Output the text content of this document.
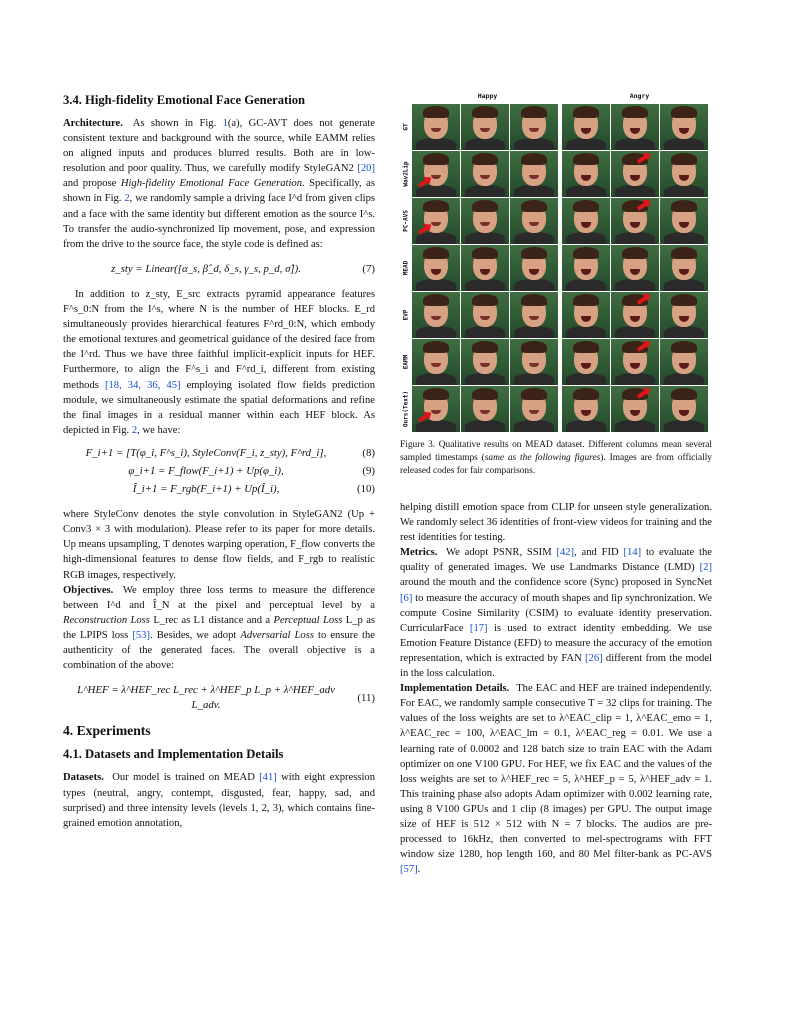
3.4. High-fidelity Emotional Face Generation

Architecture. As shown in Fig. 1(a), GC-AVT does not generate consistent texture and background with the source, while EAMM relies on aligned inputs and produces blurred results. Both are in low-resolution and poor quality. Thus, we carefully modify StyleGAN2 [20] and propose High-fidelity Emotional Face Generation. Specifically, as shown in Fig. 2, we randomly sample a driving face I^d from given clips and a face with the same identity but different emotion as the source I^s. To transfer the audio-synchronized lip movement, pose, and expression from the drive to the source face, the style code is defined as:

z_sty = Linear([α_s, β̂_d, δ_s, γ_s, p_d, σ̂]).	(7)

In addition to z_sty, E_src extracts pyramid appearance features F^s_0:N from the I^s, where N is the number of HEF blocks. E_rd simultaneously provides hierarchical features F^rd_0:N, which embody the emotional textures and geometrical guidance of the desired face from the I^rd. Thus we have three faithful implicit-explicit inputs for HEF. Furthermore, to align the F^s_i and F^rd_i, different from existing methods [18, 34, 36, 45] employing isolated flow fields prediction module, we simultaneously estimate the spatial deformations and refine the final images in a residual manner within each HEF block. As depicted in Fig. 2, we have:

F_i+1 = [T(φ_i, F^s_i), StyleConv(F_i, z_sty), F^rd_i],	(8)
φ_i+1 = F_flow(F_i+1) + Up(φ_i),	(9)
Î_i+1 = F_rgb(F_i+1) + Up(Î_i),	(10)

where StyleConv denotes the style convolution in StyleGAN2 (Up + Conv3 × 3 with modulation). Please refer to its paper for more details. Up means upsampling, T denotes warping operation, F_flow converts the high-dimensional features to dense flow fields, and F_rgb to realistic RGB images, respectively.

Objectives. We employ three loss terms to measure the difference between I^d and Î_N at the pixel and perceptual level by a Reconstruction Loss L_rec as L1 distance and a Perceptual Loss L_p as the LPIPS loss [53]. Besides, we adopt Adversarial Loss to ensure the authenticity of the generated faces. The overall objective is a combination of the above:

L^HEF = λ^HEF_rec L_rec + λ^HEF_p L_p + λ^HEF_adv L_adv.
(11)
4. Experiments
4.1. Datasets and Implementation Details

Datasets. Our model is trained on MEAD [41] with eight expression types (neutral, angry, contempt, disgusted, fear, happy, sad, and surprised) and three intensity levels (levels 1, 2, 3), which contains fine-grained emotion annotation,

Happy	Angry
GT
Wav2Lip
PC-AVS
MEAD
EVP
EAMM
Ours(Text)

Figure 3. Qualitative results on MEAD dataset. Different columns mean several sampled timestamps (same as the following figures). Images are from officially released codes for fair comparisons.

helping distill emotion space from CLIP for unseen style generalization. We randomly select 36 identities of front-view videos for training and the rest identities for testing.

Metrics. We adopt PSNR, SSIM [42], and FID [14] to evaluate the quality of generated images. We use Landmarks Distance (LMD) [2] around the mouth and the confidence score (Sync) proposed in SyncNet [6] to measure the accuracy of mouth shapes and lip synchronization. We compute Cosine Similarity (CSIM) to evaluate identity preservation. CurricularFace [17] is used to extract identity embedding. We use Emotion Feature Distance (EFD) to measure the accuracy of the emotion representation, which is extracted by FAN [26] different from the model in the loss calculation.

Implementation Details. The EAC and HEF are trained independently. For EAC, we randomly sample consecutive T = 32 clips for training. The values of the loss weights are set to λ^EAC_clip = 1, λ^EAC_emo = 1, λ^EAC_rec = 100, λ^EAC_lm = 0.1, λ^EAC_reg = 0.01. We use a learning rate of 0.0002 and 128 batch size to train EAC with the Adam optimizer on one V100 GPU. For HEF, we fix EAC and the values of the loss weights are set to λ^HEF_rec = 5, λ^HEF_p = 5, λ^HEF_adv = 1. This training phase also adopts Adam optimizer with 0.002 learning rate, using 8 V100 GPUs and 1 clip (8 images) per GPU. The output image size of HEF is 512 × 512 with N = 7 blocks. The audios are pre-processed to 16kHz, then converted to mel-spectrograms with FFT window size 1280, hop length 160, and 80 Mel filter-bank as PC-AVS [57].
